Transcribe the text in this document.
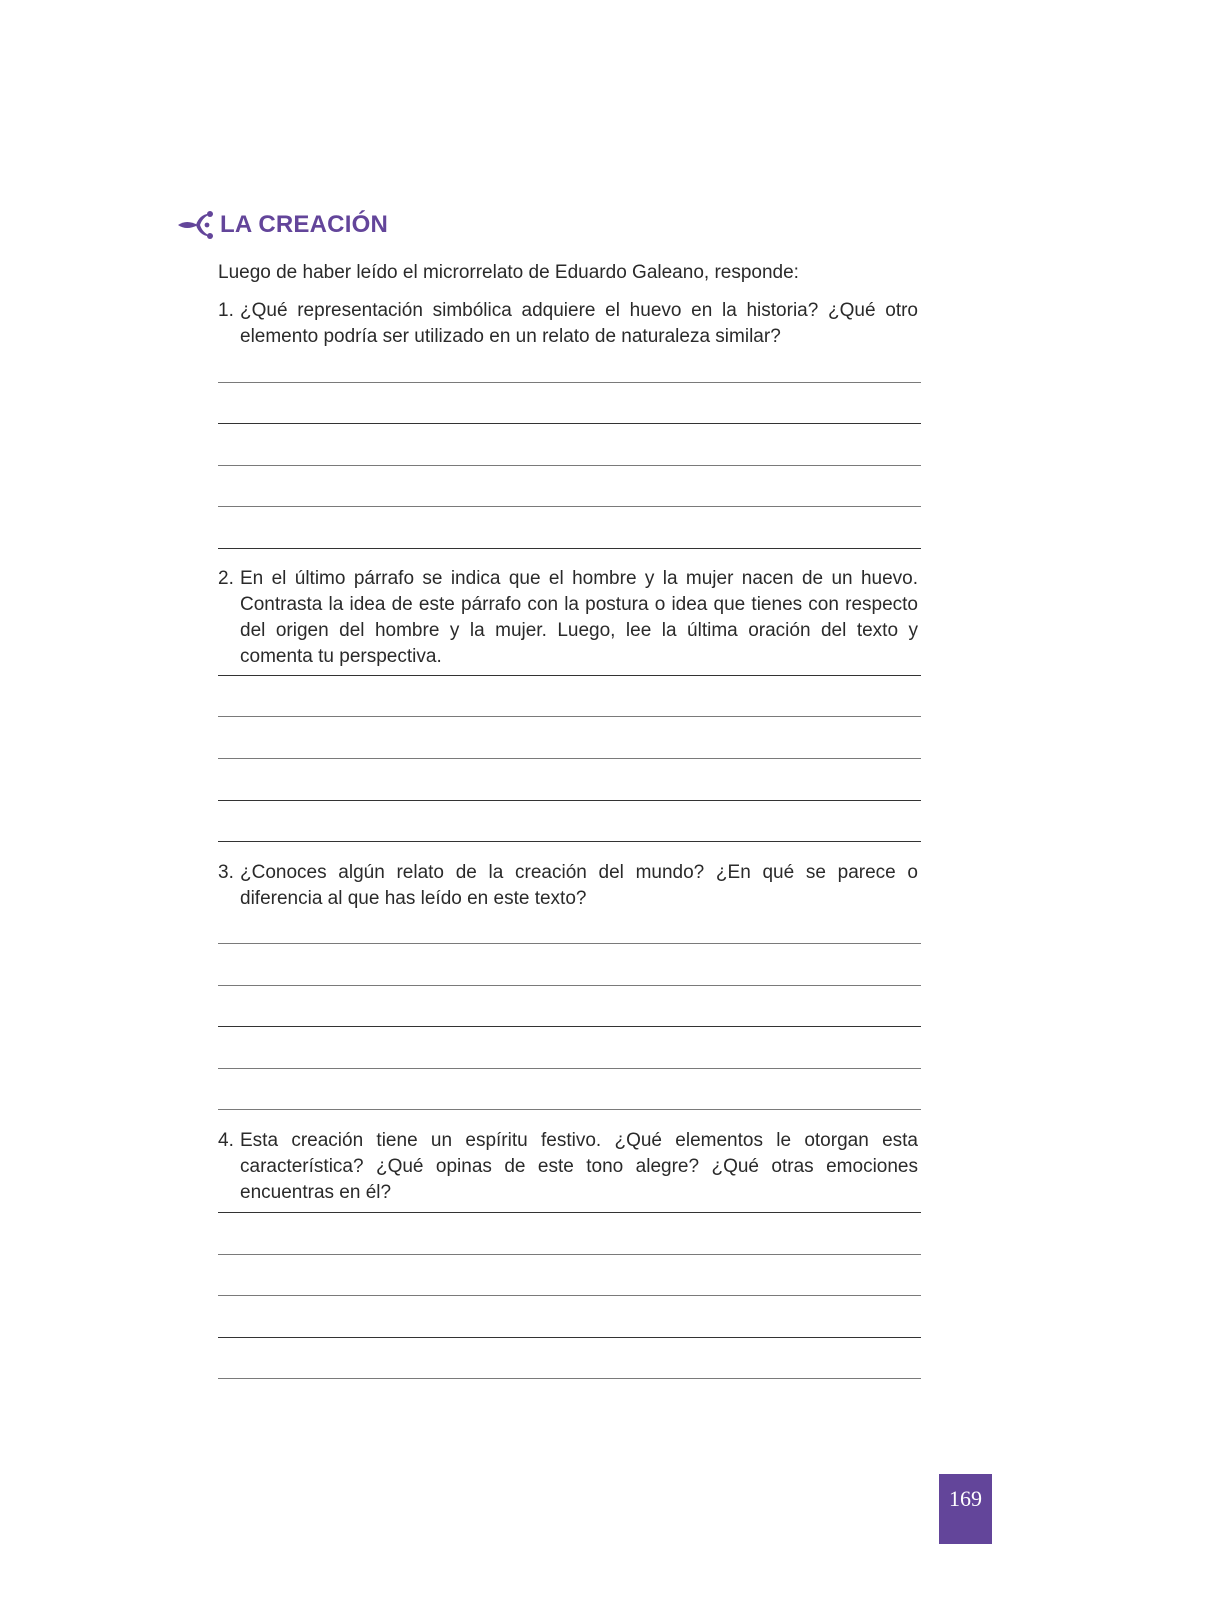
LA CREACIÓN
Luego de haber leído el microrrelato de Eduardo Galeano, responde:
1. ¿Qué representación simbólica adquiere el huevo en la historia? ¿Qué otro elemento podría ser utilizado en un relato de naturaleza similar?
2. En el último párrafo se indica que el hombre y la mujer nacen de un huevo. Contrasta la idea de este párrafo con la postura o idea que tienes con respecto del origen del hombre y la mujer. Luego, lee la última oración del texto y comenta tu perspectiva.
3. ¿Conoces algún relato de la creación del mundo? ¿En qué se parece o diferencia al que has leído en este texto?
4. Esta creación tiene un espíritu festivo. ¿Qué elementos le otorgan esta característica? ¿Qué opinas de este tono alegre? ¿Qué otras emociones encuentras en él?
169
